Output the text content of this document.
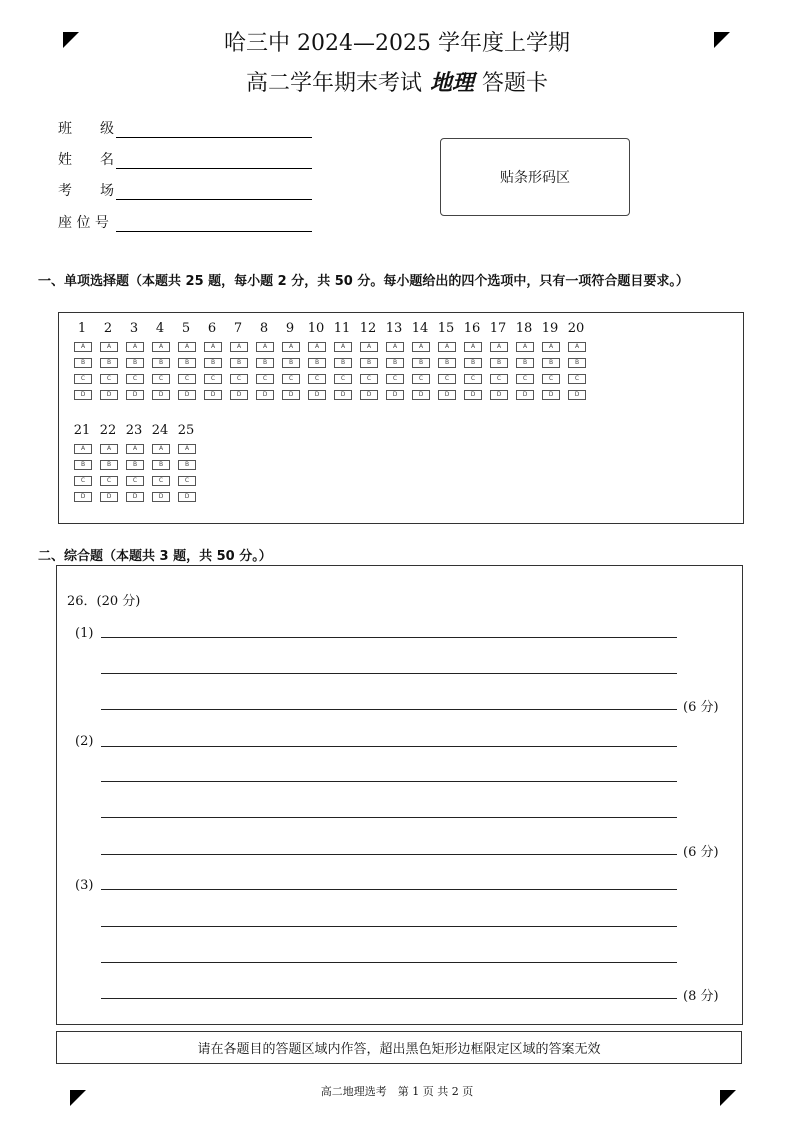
哈三中 2024—2025 学年度上学期
高二学年期末考试 地理 答题卡
班　　级
姓　　名
考　　场
座 位 号
贴条形码区
一、单项选择题（本题共 25 题，每小题 2 分，共 50 分。每小题给出的四个选项中，只有一项符合题目要求。）
1
A
B
C
D
2
A
B
C
D
3
A
B
C
D
4
A
B
C
D
5
A
B
C
D
6
A
B
C
D
7
A
B
C
D
8
A
B
C
D
9
A
B
C
D
10
A
B
C
D
11
A
B
C
D
12
A
B
C
D
13
A
B
C
D
14
A
B
C
D
15
A
B
C
D
16
A
B
C
D
17
A
B
C
D
18
A
B
C
D
19
A
B
C
D
20
A
B
C
D
21
A
B
C
D
22
A
B
C
D
23
A
B
C
D
24
A
B
C
D
25
A
B
C
D
二、综合题（本题共 3 题，共 50 分。）
26．(20 分)
(1)
(6 分)
(2)
(6 分)
(3)
(8 分)
请在各题目的答题区域内作答，超出黑色矩形边框限定区域的答案无效
高二地理选考　第 1 页 共 2 页
